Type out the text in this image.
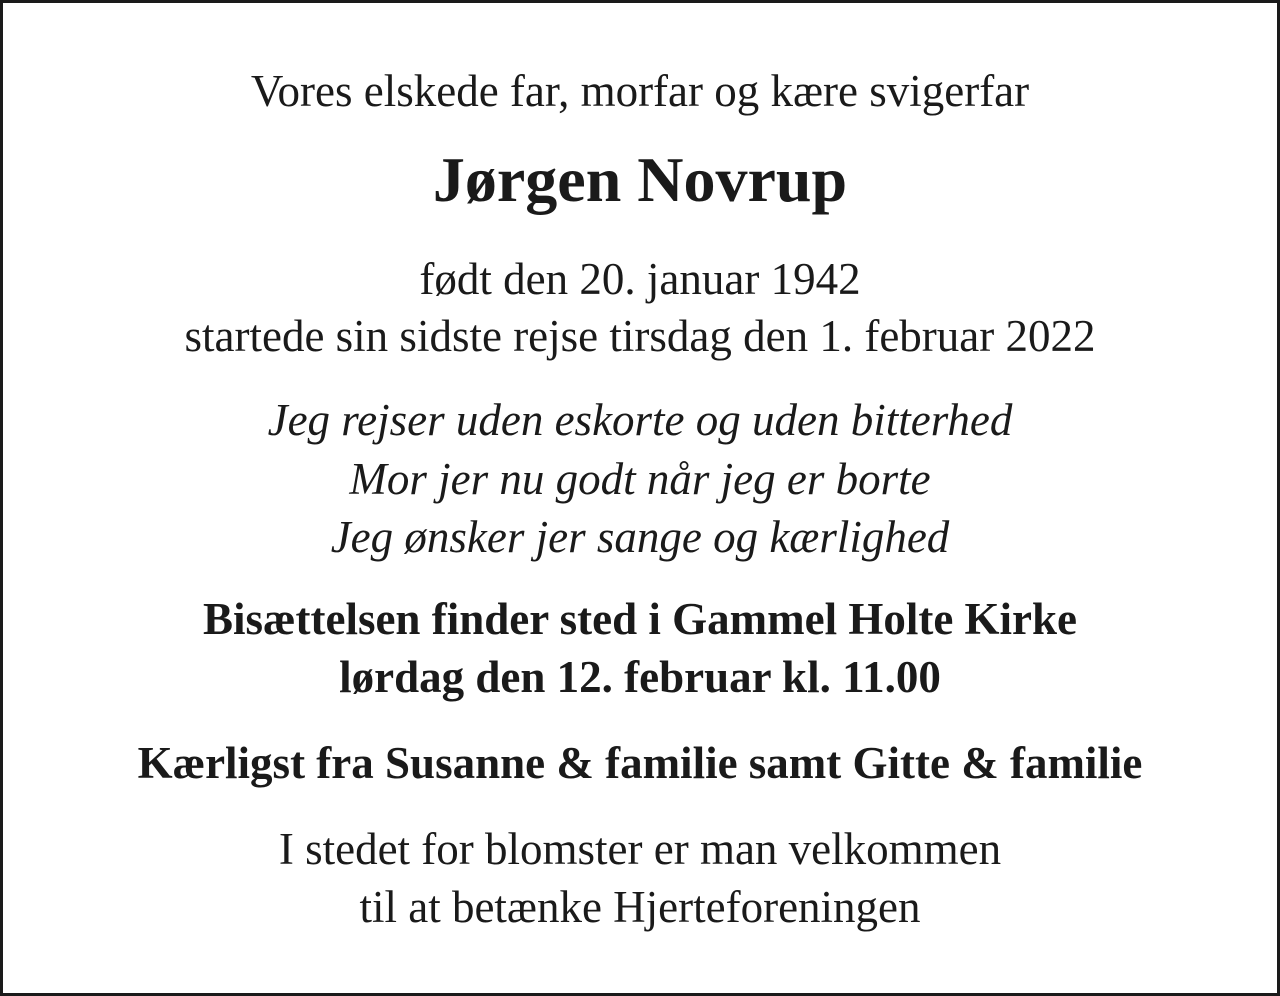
Vores elskede far, morfar og kære svigerfar
Jørgen Novrup
født den 20. januar 1942
startede sin sidste rejse tirsdag den 1. februar 2022
Jeg rejser uden eskorte og uden bitterhed
Mor jer nu godt når jeg er borte
Jeg ønsker jer sange og kærlighed
Bisættelsen finder sted i Gammel Holte Kirke
lørdag den 12. februar kl. 11.00
Kærligst fra Susanne & familie samt Gitte & familie
I stedet for blomster er man velkommen
til at betænke Hjerteforeningen
